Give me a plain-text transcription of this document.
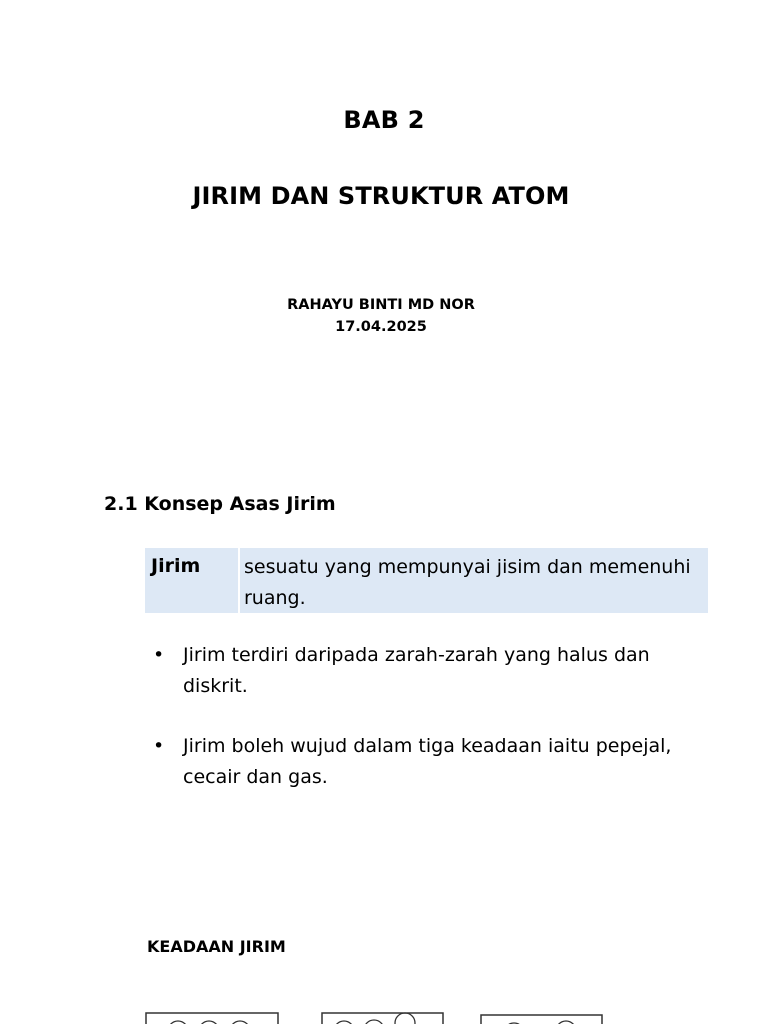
BAB 2
JIRIM DAN STRUKTUR ATOM
RAHAYU BINTI MD NOR
17.04.2025
2.1 Konsep Asas Jirim
Jirim sesuatu yang mempunyai jisim dan memenuhi ruang.
• Jirim terdiri daripada zarah-zarah yang halus dan diskrit.
• Jirim boleh wujud dalam tiga keadaan iaitu pepejal, cecair dan gas.
KEADAAN JIRIM
